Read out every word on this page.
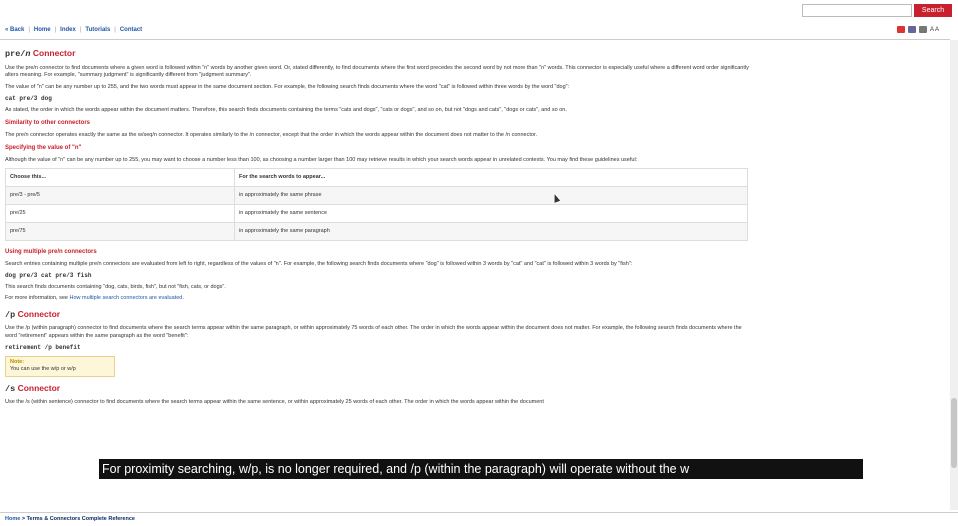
Search
« Back | Home | Index | Tutorials | Contact	A A
pre/n Connector

Use the pre/n connector to find documents where a given word is followed within "n" words by another given word. Or, stated differently, to find documents where the first word precedes the second word by not more than "n" words. This connector is especially useful where a different word order significantly alters meaning. For example, "summary judgment" is significantly different from "judgment summary".

The value of "n" can be any number up to 255, and the two words must appear in the same document section. For example, the following search finds documents where the word "cat" is followed within three words by the word "dog":

cat pre/3 dog

As stated, the order in which the words appear within the document matters. Therefore, this search finds documents containing the terms "cats and dogs", "cats or dogs", and so on, but not "dogs and cats", "dogs or cats", and so on.

Similarity to other connectors

The pre/n connector operates exactly the same as the w/seq/n connector. It operates similarly to the /n connector, except that the order in which the words appear within the document does not matter to the /n connector.

Specifying the value of "n"

Although the value of "n" can be any number up to 255, you may want to choose a number less than 100, as choosing a number larger than 100 may retrieve results in which your search words appear in unrelated contexts. You may find these guidelines useful:

Choose this...	For the search words to appear...
pre/3 - pre/5	in approximately the same phrase
pre/25	in approximately the same sentence
pre/75	in approximately the same paragraph
Using multiple pre/n connectors

Search entries containing multiple pre/n connectors are evaluated from left to right, regardless of the values of "n". For example, the following search finds documents where "dog" is followed within 3 words by "cat" and "cat" is followed within 3 words by "fish":

dog pre/3 cat pre/3 fish

This search finds documents containing "dog, cats, birds, fish", but not "fish, cats, or dogs".

For more information, see How multiple search connectors are evaluated.

/p Connector

Use the /p (within paragraph) connector to find documents where the search terms appear within the same paragraph, or within approximately 75 words of each other. The order in which the words appear within the document does not matter. For example, the following search finds documents where the word "retirement" appears within the same paragraph as the word "benefit":

retirement /p benefit
Note:
You can use the w/p or w/p
/s Connector

Use the /s (within sentence) connector to find documents where the search terms appear within the same sentence, or within approximately 25 words of each other. The order in which the words appear within the document

For proximity searching, w/p, is no longer required, and /p (within the paragraph) will operate without the w
Home > Terms & Connectors Complete Reference
